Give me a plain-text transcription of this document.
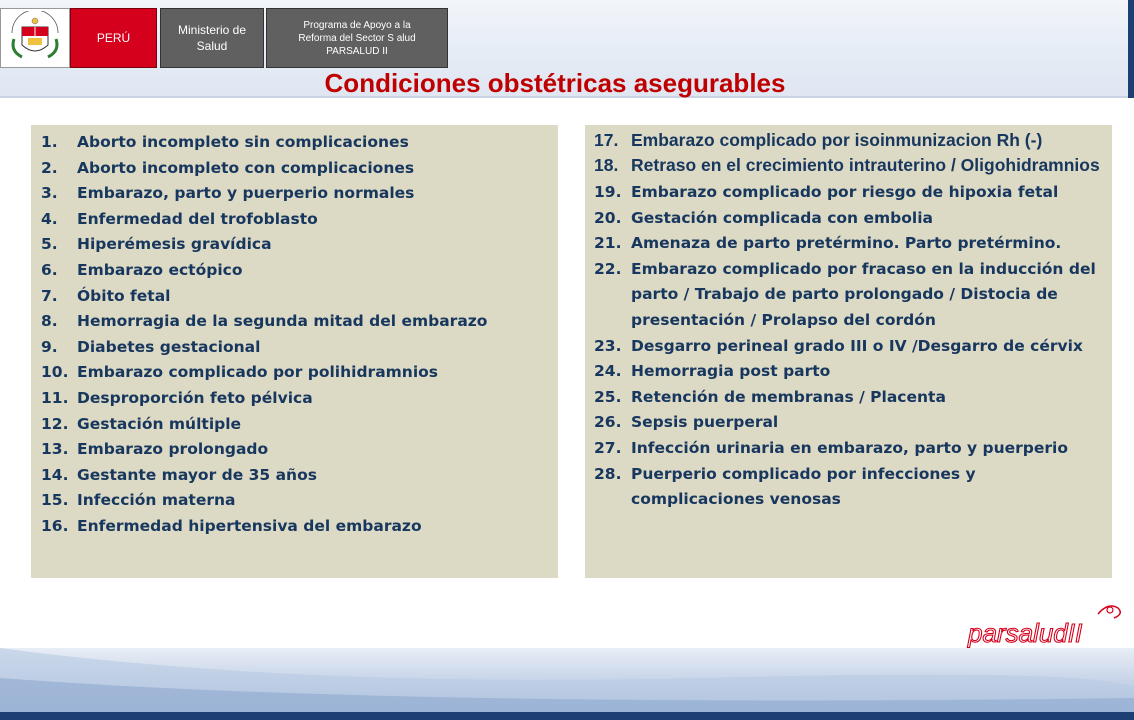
PERÚ
Ministerio de
Salud
Programa de Apoyo a la
Reforma del Sector S alud
PARSALUD II
Condiciones obstétricas asegurables
1.	Aborto incompleto sin complicaciones
2.	Aborto incompleto con complicaciones
3.	Embarazo, parto y puerperio normales
4.	Enfermedad del trofoblasto
5.	Hiperémesis gravídica
6.	Embarazo ectópico
7.	Óbito fetal
8.	Hemorragia de la segunda mitad del embarazo
9.	Diabetes gestacional
10. Embarazo complicado por polihidramnios
11. Desproporción feto pélvica
12. Gestación múltiple
13. Embarazo prolongado
14. Gestante mayor de 35 años
15. Infección materna
16. Enfermedad hipertensiva del embarazo
17. Embarazo complicado por isoinmunizacion Rh (-)
18. Retraso en el crecimiento intrauterino / Oligohidramnios
19. Embarazo complicado por riesgo de hipoxia fetal
20. Gestación complicada con embolia
21. Amenaza de parto pretérmino. Parto pretérmino.
22. Embarazo complicado por fracaso en la inducción del parto / Trabajo de parto prolongado / Distocia de presentación / Prolapso del cordón
23. Desgarro perineal grado III o IV /Desgarro de cérvix
24. Hemorragia post parto
25. Retención de membranas / Placenta
26. Sepsis puerperal
27. Infección urinaria en embarazo, parto y puerperio
28. Puerperio complicado por infecciones y complicaciones venosas
parsaludII
